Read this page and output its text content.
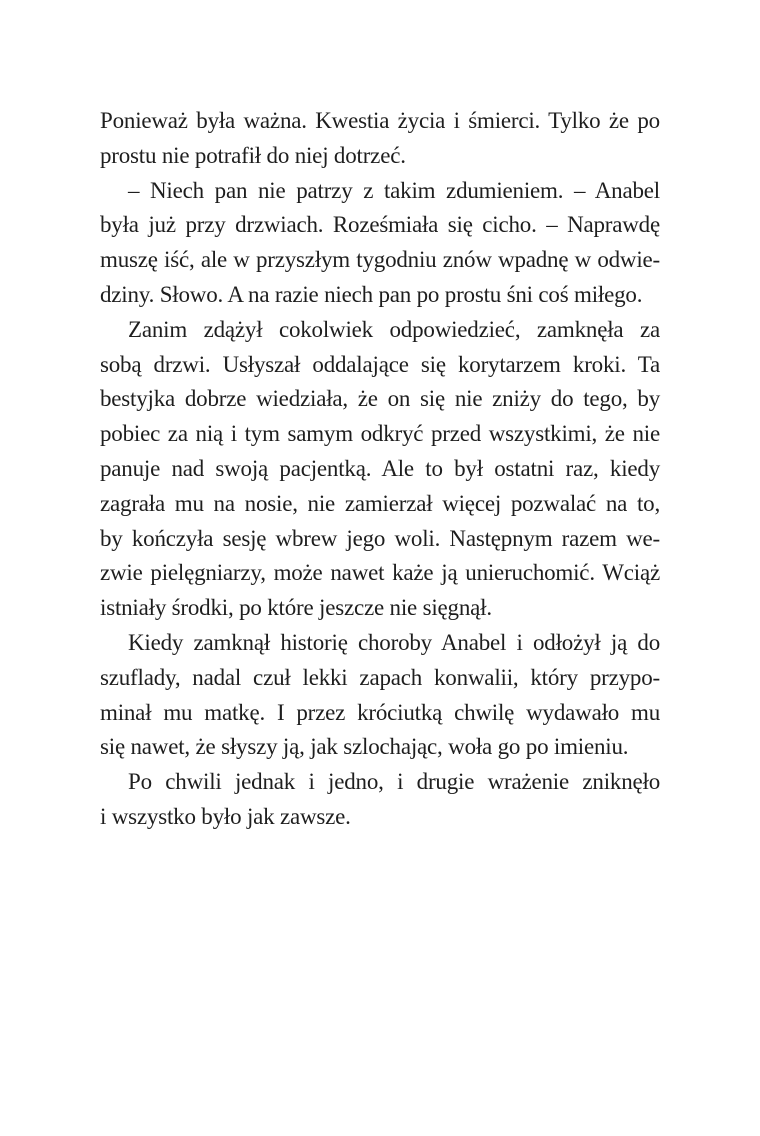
Ponieważ była ważna. Kwestia życia i śmierci. Tylko że po
prostu nie potrafił do niej dotrzeć.
– Niech pan nie patrzy z takim zdumieniem. – Anabel
była już przy drzwiach. Roześmiała się cicho. – Naprawdę
muszę iść, ale w przyszłym tygodniu znów wpadnę w odwie-
dziny. Słowo. A na razie niech pan po prostu śni coś miłego.
Zanim zdążył cokolwiek odpowiedzieć, zamknęła za
sobą drzwi. Usłyszał oddalające się korytarzem kroki. Ta
bestyjka dobrze wiedziała, że on się nie zniży do tego, by
pobiec za nią i tym samym odkryć przed wszystkimi, że nie
panuje nad swoją pacjentką. Ale to był ostatni raz, kiedy
zagrała mu na nosie, nie zamierzał więcej pozwalać na to,
by kończyła sesję wbrew jego woli. Następnym razem we-
zwie pielęgniarzy, może nawet każe ją unieruchomić. Wciąż
istniały środki, po które jeszcze nie sięgnął.
Kiedy zamknął historię choroby Anabel i odłożył ją do
szuflady, nadal czuł lekki zapach konwalii, który przypo-
minał mu matkę. I przez króciutką chwilę wydawało mu
się nawet, że słyszy ją, jak szlochając, woła go po imieniu.
Po chwili jednak i jedno, i drugie wrażenie zniknęło
i wszystko było jak zawsze.
